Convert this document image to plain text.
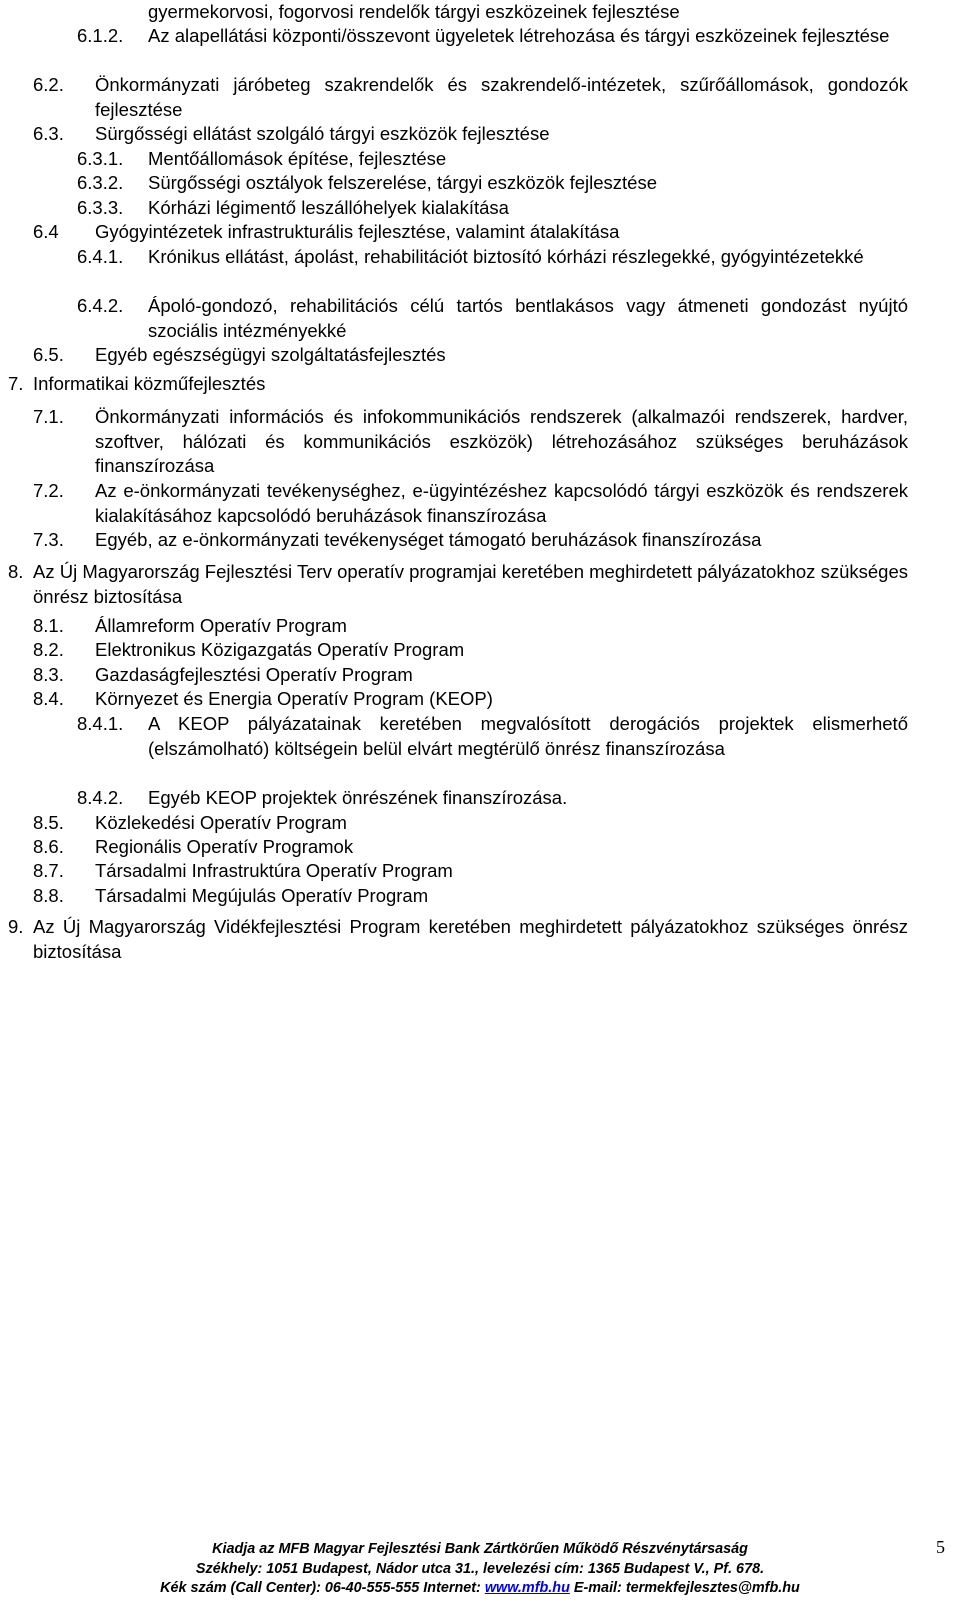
gyermekorvosi, fogorvosi rendelők tárgyi eszközeinek fejlesztése
6.1.2.	Az alapellátási központi/összevont ügyeletek létrehozása és tárgyi eszközeinek fejlesztése
6.2.	Önkormányzati járóbeteg szakrendelők és szakrendelő-intézetek, szűrőállomások, gondozók fejlesztése
6.3.	Sürgősségi ellátást szolgáló tárgyi eszközök fejlesztése
6.3.1.	Mentőállomások építése, fejlesztése
6.3.2.	Sürgősségi osztályok felszerelése, tárgyi eszközök fejlesztése
6.3.3.	Kórházi légimentő leszállóhelyek kialakítása
6.4	Gyógyintézetek infrastrukturális fejlesztése, valamint átalakítása
6.4.1.	Krónikus ellátást, ápolást, rehabilitációt biztosító kórházi részlegekké, gyógyintézetekké
6.4.2.	Ápoló-gondozó, rehabilitációs célú tartós bentlakásos vagy átmeneti gondozást nyújtó szociális intézményekké
6.5.	Egyéb egészségügyi szolgáltatásfejlesztés
7. Informatikai közműfejlesztés
7.1.	Önkormányzati információs és infokommunikációs rendszerek (alkalmazói rendszerek, hardver, szoftver, hálózati és kommunikációs eszközök) létrehozásához szükséges beruházások finanszírozása
7.2.	Az e-önkormányzati tevékenységhez, e-ügyintézéshez kapcsolódó tárgyi eszközök és rendszerek kialakításához kapcsolódó beruházások finanszírozása
7.3.	Egyéb, az e-önkormányzati tevékenységet támogató beruházások finanszírozása
8. Az Új Magyarország Fejlesztési Terv operatív programjai keretében meghirdetett pályázatokhoz szükséges önrész biztosítása
8.1.	Államreform Operatív Program
8.2.	Elektronikus Közigazgatás Operatív Program
8.3.	Gazdaságfejlesztési Operatív Program
8.4.	Környezet és Energia Operatív Program (KEOP)
8.4.1.	A KEOP pályázatainak keretében megvalósított derogációs projektek elismerhető (elszámolható) költségein belül elvárt megtérülő önrész finanszírozása
8.4.2.	Egyéb KEOP projektek önrészének finanszírozása.
8.5.	Közlekedési Operatív Program
8.6.	Regionális Operatív Programok
8.7.	Társadalmi Infrastruktúra Operatív Program
8.8.	Társadalmi Megújulás Operatív Program
9. Az Új Magyarország Vidékfejlesztési Program keretében meghirdetett pályázatokhoz szükséges önrész biztosítása
Kiadja az MFB Magyar Fejlesztési Bank Zártkörűen Működő Részvénytársaság
Székhely: 1051 Budapest, Nádor utca 31., levelezési cím: 1365 Budapest V., Pf. 678.
Kék szám (Call Center): 06-40-555-555 Internet: www.mfb.hu E-mail: termekfejlesztes@mfb.hu
5
